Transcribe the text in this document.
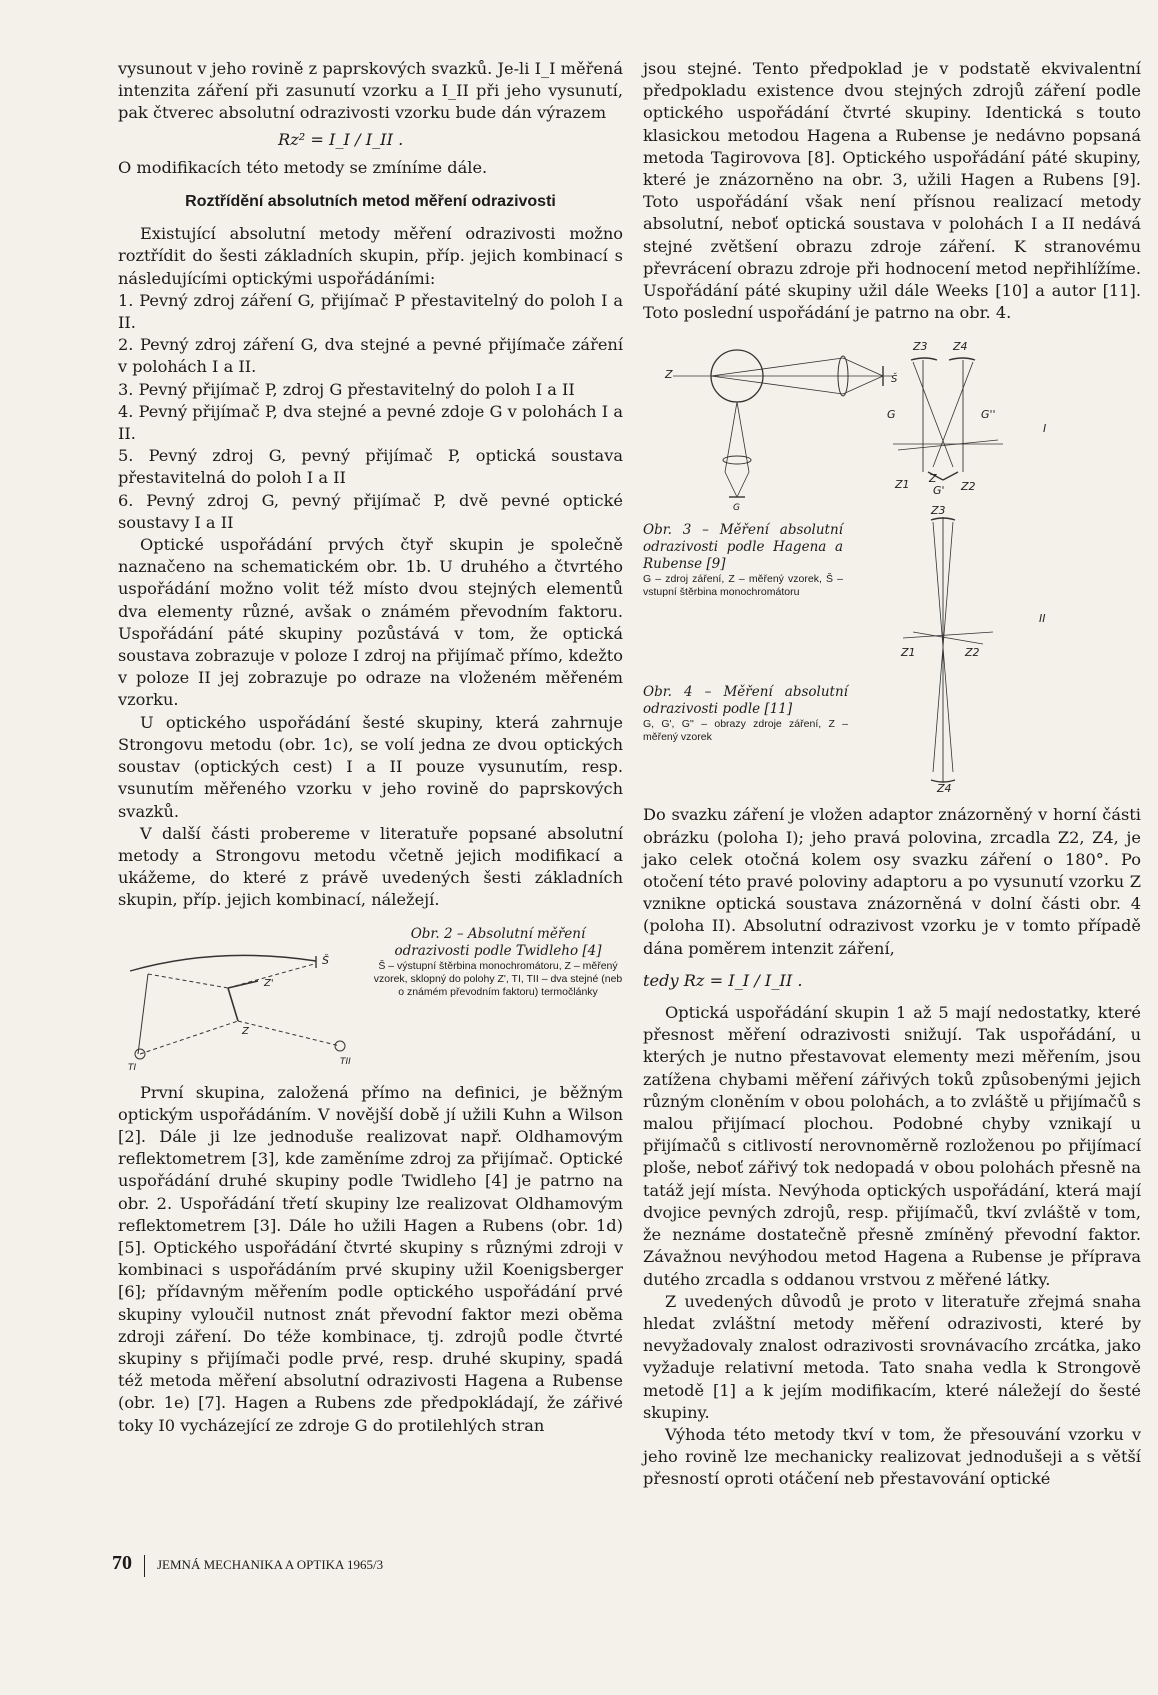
vysunout v jeho rovině z paprskových svazků. Je-li I_I měřená intenzita záření při zasunutí vzorku a I_II při jeho vysunutí, pak čtverec absolutní odrazivosti vzorku bude dán výrazem

Rz² = I_I / I_II .

O modifikacích této metody se zmíníme dále.

Roztřídění absolutních metod měření odrazivosti

Existující absolutní metody měření odrazivosti možno roztřídit do šesti základních skupin, příp. jejich kombinací s následujícími optickými uspořádáními:

1. Pevný zdroj záření G, přijímač P přestavitelný do poloh I a II.

2. Pevný zdroj záření G, dva stejné a pevné přijímače záření v polohách I a II.

3. Pevný přijímač P, zdroj G přestavitelný do poloh I a II

4. Pevný přijímač P, dva stejné a pevné zdoje G v polohách I a II.

5. Pevný zdroj G, pevný přijímač P, optická soustava přestavitelná do poloh I a II

6. Pevný zdroj G, pevný přijímač P, dvě pevné optické soustavy I a II

Optické uspořádání prvých čtyř skupin je společně naznačeno na schematickém obr. 1b. U druhého a čtvrtého uspořádání možno volit též místo dvou stejných elementů dva elementy různé, avšak o známém převodním faktoru. Uspořádání páté skupiny pozůstává v tom, že optická soustava zobrazuje v poloze I zdroj na přijímač přímo, kdežto v poloze II jej zobrazuje po odraze na vloženém měřeném vzorku.

U optického uspořádání šesté skupiny, která zahrnuje Strongovu metodu (obr. 1c), se volí jedna ze dvou optických soustav (optických cest) I a II pouze vysunutím, resp. vsunutím měřeného vzorku v jeho rovině do paprskových svazků.

V další části probereme v literatuře popsané absolutní metody a Strongovu metodu včetně jejich modifikací a ukážeme, do které z právě uvedených šesti základních skupin, příp. jejich kombinací, náležejí.

Š
Z'
Z
TI
TII
Obr. 2 – Absolutní měření odrazivosti podle Twidleho [4]
Š – výstupní štěrbina monochromátoru, Z – měřený vzorek, sklopný do polohy Z', TI, TII – dva stejné (neb o známém převodním faktoru) termočlánky

První skupina, založená přímo na definici, je běžným optickým uspořádáním. V novější době jí užili Kuhn a Wilson [2]. Dále ji lze jednoduše realizovat např. Oldhamovým reflektometrem [3], kde zaměníme zdroj za přijímač. Optické uspořádání druhé skupiny podle Twidleho [4] je patrno na obr. 2. Uspořádání třetí skupiny lze realizovat Oldhamovým reflektometrem [3]. Dále ho užili Hagen a Rubens (obr. 1d) [5]. Optického uspořádání čtvrté skupiny s různými zdroji v kombinaci s uspořádáním prvé skupiny užil Koenigsberger [6]; přídavným měřením podle optického uspořádání prvé skupiny vyloučil nutnost znát převodní faktor mezi oběma zdroji záření. Do téže kombinace, tj. zdrojů podle čtvrté skupiny s přijímači podle prvé, resp. druhé skupiny, spadá též metoda měření absolutní odrazivosti Hagena a Rubense (obr. 1e) [7]. Hagen a Rubens zde předpokládají, že zářivé toky I0 vycházející ze zdroje G do protilehlých stran

jsou stejné. Tento předpoklad je v podstatě ekvivalentní předpokladu existence dvou stejných zdrojů záření podle optického uspořádání čtvrté skupiny. Identická s touto klasickou metodou Hagena a Rubense je nedávno popsaná metoda Tagirovova [8]. Optického uspořádání páté skupiny, které je znázorněno na obr. 3, užili Hagen a Rubens [9]. Toto uspořádání však není přísnou realizací metody absolutní, neboť optická soustava v polohách I a II nedává stejné zvětšení obrazu zdroje záření. K stranovému převrácení obrazu zdroje při hodnocení metod nepřihlížíme. Uspořádání páté skupiny užil dále Weeks [10] a autor [11]. Toto poslední uspořádání je patrno na obr. 4.

Z	Š
G
Obr. 3 – Měření absolutní odrazivosti podle Hagena a Rubense [9]
G – zdroj záření, Z – měřený vzorek, Š – vstupní štěrbina monochromátoru
Z3 Z4
G	G''
I
Z1 Z
G' Z2
Z3
II
Z1	Z2
Z4
Obr. 4 – Měření absolutní odrazivosti podle [11]
G, G', G'' – obrazy zdroje záření, Z – měřený vzorek

Do svazku záření je vložen adaptor znázorněný v horní části obrázku (poloha I); jeho pravá polovina, zrcadla Z2, Z4, je jako celek otočná kolem osy svazku záření o 180°. Po otočení této pravé poloviny adaptoru a po vysunutí vzorku Z vznikne optická soustava znázorněná v dolní části obr. 4 (poloha II). Absolutní odrazivost vzorku je v tomto případě dána poměrem intenzit záření,

tedy Rz = I_I / I_II .

Optická uspořádání skupin 1 až 5 mají nedostatky, které přesnost měření odrazivosti snižují. Tak uspořádání, u kterých je nutno přestavovat elementy mezi měřením, jsou zatížena chybami měření zářivých toků způsobenými jejich různým cloněním v obou polohách, a to zvláště u přijímačů s malou přijímací plochou. Podobné chyby vznikají u přijímačů s citlivostí nerovnoměrně rozloženou po přijímací ploše, neboť zářivý tok nedopadá v obou polohách přesně na tatáž její místa. Nevýhoda optických uspořádání, která mají dvojice pevných zdrojů, resp. přijímačů, tkví zvláště v tom, že neznáme dostatečně přesně zmíněný převodní faktor. Závažnou nevýhodou metod Hagena a Rubense je příprava dutého zrcadla s oddanou vrstvou z měřené látky.

Z uvedených důvodů je proto v literatuře zřejmá snaha hledat zvláštní metody měření odrazivosti, které by nevyžadovaly znalost odrazivosti srovnávacího zrcátka, jako vyžaduje relativní metoda. Tato snaha vedla k Strongově metodě [1] a k jejím modifikacím, které náležejí do šesté skupiny.

Výhoda této metody tkví v tom, že přesouvání vzorku v jeho rovině lze mechanicky realizovat jednodušeji a s větší přesností oproti otáčení neb přestavování optické

70 JEMNÁ MECHANIKA A OPTIKA 1965/3
